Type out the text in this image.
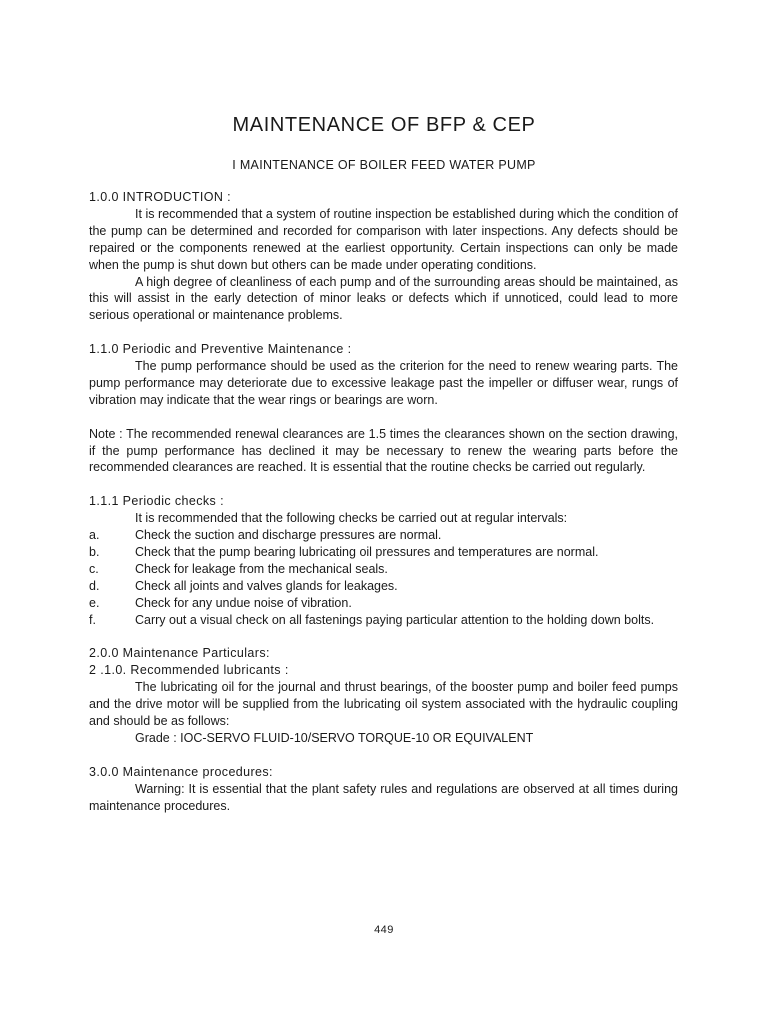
MAINTENANCE OF BFP & CEP
I MAINTENANCE OF BOILER FEED WATER PUMP

1.0.0 INTRODUCTION :

It is recommended that a system of routine inspection be established during which the condition of the pump can be determined and recorded for comparison with later inspections. Any defects should be repaired or the components renewed at the earliest opportunity. Certain inspections can only be made when the pump is shut down but others can be made under operating conditions.

A high degree of cleanliness of each pump and of the surrounding areas should be maintained, as this will assist in the early detection of minor leaks or defects which if unnoticed, could lead to more serious operational or maintenance problems.

1.1.0 Periodic and Preventive Maintenance :

The pump performance should be used as the criterion for the need to renew wearing parts. The pump performance may deteriorate due to excessive leakage past the impeller or diffuser wear, rungs of vibration may indicate that the wear rings or bearings are worn.

Note : The recommended renewal clearances are 1.5 times the clearances shown on the section drawing, if the pump performance has declined it may be necessary to renew the wearing parts before the recommended clearances are reached. It is essential that the routine checks be carried out regularly.

1.1.1 Periodic checks :

It is recommended that the following checks be carried out at regular intervals:

a.	Check the suction and discharge pressures are normal.
b.	Check that the pump bearing lubricating oil pressures and temperatures are normal.
c.	Check for leakage from the mechanical seals.
d.	Check all joints and valves glands for leakages.
e.	Check for any undue noise of vibration.
f.	Carry out a visual check on all fastenings paying particular attention to the holding down bolts.

2.0.0 Maintenance Particulars:

2 .1.0. Recommended lubricants :

The lubricating oil for the journal and thrust bearings, of the booster pump and boiler feed pumps and the drive motor will be supplied from the lubricating oil system associated with the hydraulic coupling and should be as follows:

Grade : IOC-SERVO FLUID-10/SERVO TORQUE-10 OR EQUIVALENT

3.0.0 Maintenance procedures:

Warning: It is essential that the plant safety rules and regulations are observed at all times during maintenance procedures.

449
